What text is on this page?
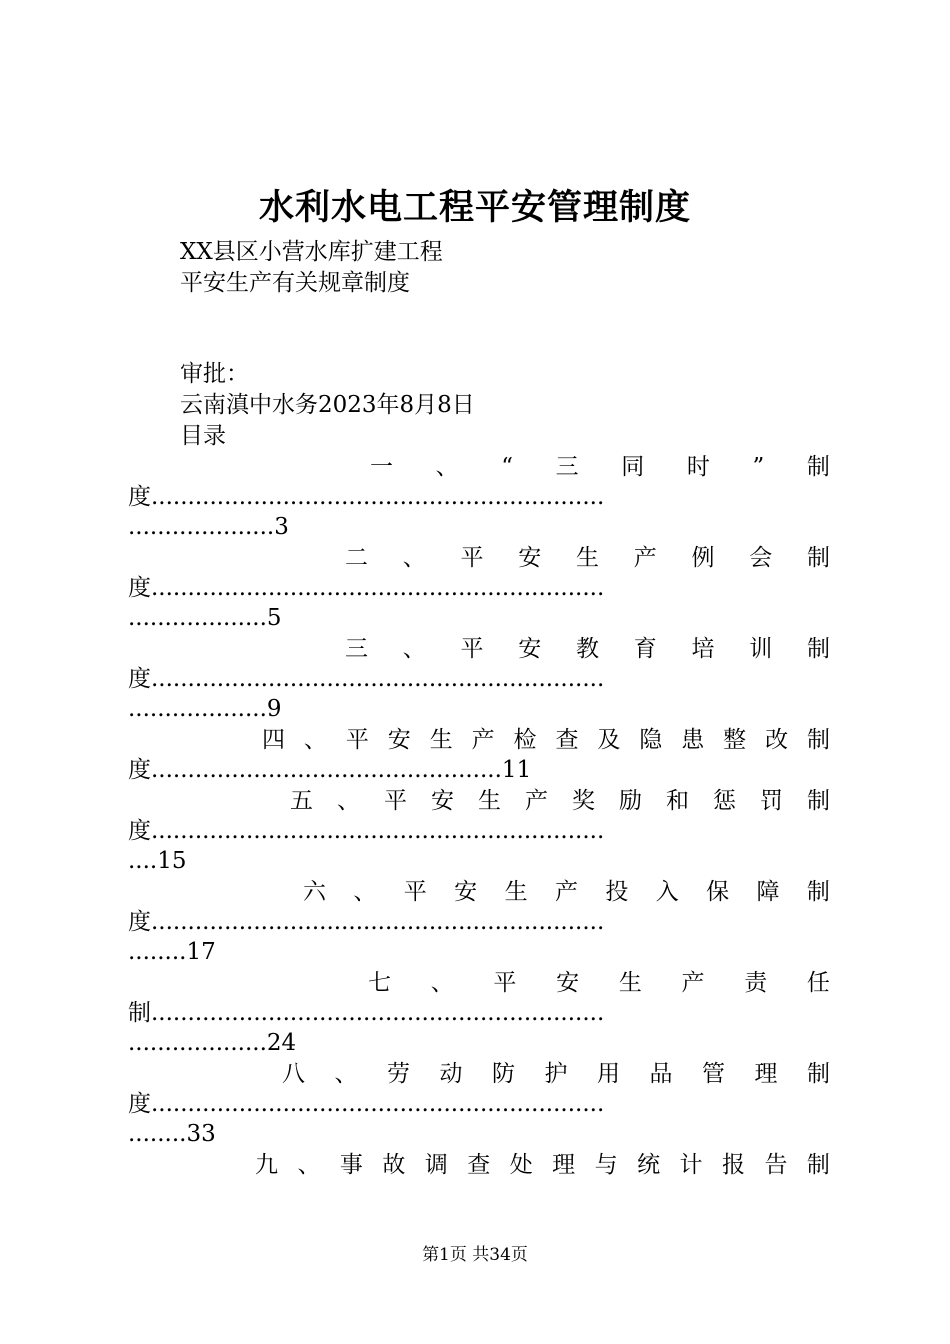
水利水电工程平安管理制度
XX县区小营水库扩建工程
平安生产有关规章制度
审批：
云南滇中水务2023年8月8日
目录
一 、 “ 三 同 时 ” 制
度..............................................................
....................3
二 、 平 安 生 产 例 会 制
度..............................................................
...................5
三 、 平 安 教 育 培 训 制
度..............................................................
...................9
四 、 平 安 生 产 检 查 及 隐 患 整 改 制
度................................................11
五 、 平 安 生 产 奖 励 和 惩 罚 制
度..............................................................
....15
六 、 平 安 生 产 投 入 保 障 制
度..............................................................
........17
七 、 平 安 生 产 责 任
制..............................................................
...................24
八 、 劳 动 防 护 用 品 管 理 制
度..............................................................
........33
九 、 事 故 调 查 处 理 与 统 计 报 告 制
第1页 共34页
